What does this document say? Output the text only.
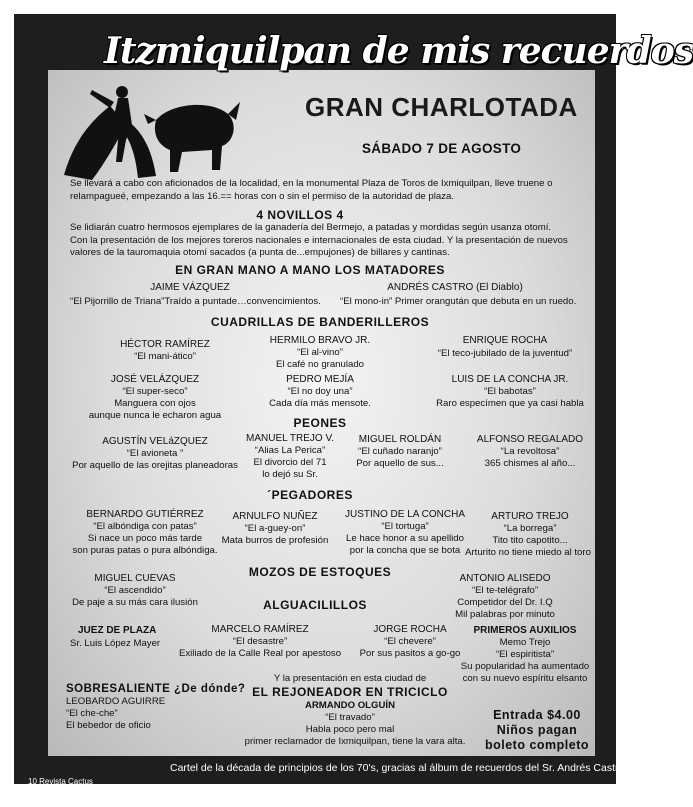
Itzmiquilpan de mis recuerdos
GRAN CHARLOTADA
SÁBADO 7 DE AGOSTO
Se llevará a cabo con aficionados de la localidad, en la monumental Plaza de Toros de Ixmiquilpan, lleve truene o relampagueé, empezando a las 16.== horas con o sin el permiso de la autoridad de plaza.
4 NOVILLOS 4
Se lidiarán cuatro hermosos ejemplares de la ganadería del Bermejo, a patadas y mordidas según usanza otomí. Con la presentación de los mejores toreros nacionales e internacionales de esta ciudad. Y la presentación de nuevos valores de la tauromaquia otomí sacados (a punta de...empujones) de billares y cantinas.
EN GRAN MANO A MANO LOS MATADORES
JAIME VÁZQUEZ
“El Pijorrillo de Triana”Traído a puntade…convencimientos.
ANDRÉS CASTRO (El Diablo)
“El mono-in” Primer orangután que debuta en un ruedo.
CUADRILLAS DE BANDERILLEROS
HÉCTOR RAMÍREZ
“El mani-ático”
HERMILO BRAVO JR.
“El al-vino”
El café no granulado
ENRIQUE ROCHA
“El teco-jubilado de la juventud”
JOSÉ VELÁZQUEZ
“El super-seco”
Manguera con ojos
aunque nunca le echaron agua
PEDRO MEJÍA
“El no doy una”
Cada día más mensote.
LUIS DE LA CONCHA JR.
“El babotas”
Raro especímen que ya casi habla
PEONES
AGUSTÍN VELáZQUEZ
“El avioneta ”
Por aquello de las orejitas planeadoras
MANUEL TREJO V.
“Alias La Perica”
El divorcio del 71
lo dejó su Sr.
MIGUEL ROLDÁN
“El cuñado naranjo”
Por aquello de sus...
ALFONSO REGALADO
“La revoltosa”
365 chismes al año...
´PEGADORES
BERNARDO GUTIÉRREZ
“El albóndiga con patas”
Si nace un poco más tarde
son puras patas o pura albóndiga.
ARNULFO NUÑEZ
“El a-guey-on”
Mata burros de profesión
JUSTINO DE LA CONCHA
“El tortuga”
Le hace honor a su apellido
por la concha que se bota
ARTURO TREJO
“La borrega”
Tito tito capotito...
Arturito no tiene miedo al toro
MOZOS DE ESTOQUES
MIGUEL CUEVAS
“El ascendido”
De paje a su más cara ilusión
ANTONIO ALISEDO
“El te-telégrafo”
Competidor del Dr. I.Q
Mil palabras por minuto
ALGUACILILLOS
MARCELO RAMÍREZ
“El desastre”
Exiliado de la Calle Real por apestoso
JORGE ROCHA
“El chevere”
Por sus pasitos a go-go
JUEZ DE PLAZA
Sr. Luis López Mayer
PRIMEROS AUXILIOS
Memo Trejo
“El espiritista”
Su popularidad ha aumentado
con su nuevo espíritu elsanto
SOBRESALIENTE ¿De dónde?
LEOBARDO AGUIRRE
“El che-che”
El bebedor de oficio
Y la presentación en esta ciudad de
EL REJONEADOR EN TRICICLO
ARMANDO OLGUÍN
“El travado”
Habla poco pero mal
primer reclamador de Ixmiquilpan, tiene la vara alta.
Entrada $4.00
Niños pagan
boleto completo
Cartel de la década de principios de los 70's, gracias al álbum de recuerdos del Sr. Andrés Castro
10 Revista Cactus
